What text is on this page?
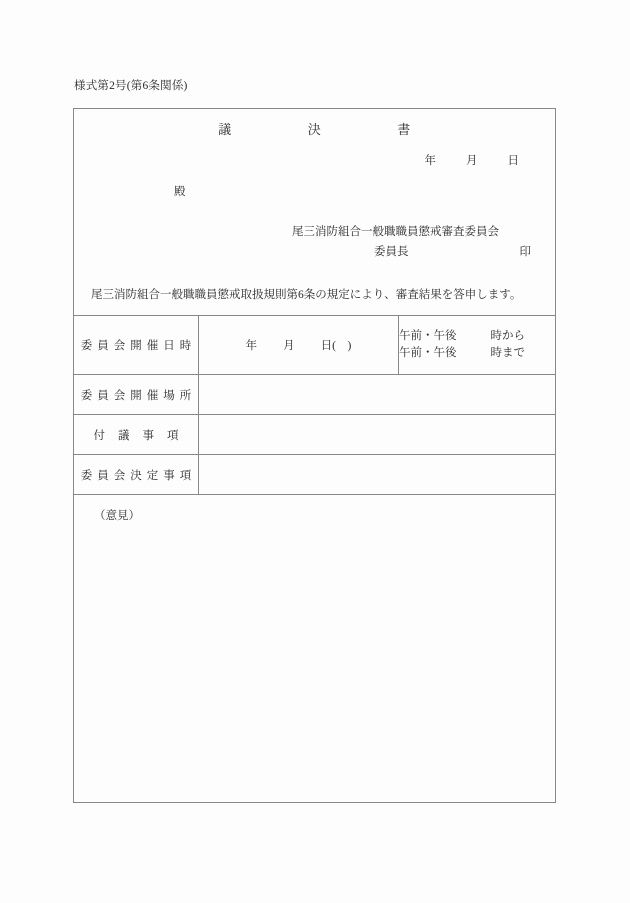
様式第2号(第6条関係)
議	決	書
年	月	日
殿
尾三消防組合一般職職員懲戒審査委員会
委員長	印
尾三消防組合一般職職員懲戒取扱規則第6条の規定により、審査結果を答申します。
委員会開催日時	年 月 日(　)	午前・午後 時から
午前・午後 時まで

委員会開催場所		
付議事項		
委員会決定事項		
（意見）
